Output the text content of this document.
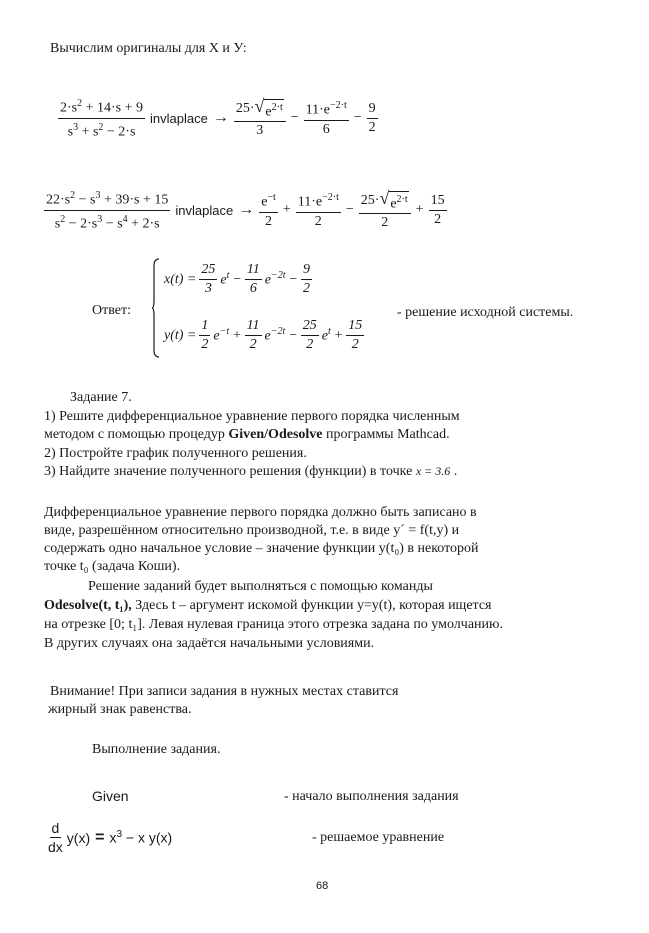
Вычислим оригиналы для X и У:
$\frac{2\cdot s^2 + 14\cdot s + 9}{s^3 + s^2 - 2\cdot s}$ invlaplace → $\frac{25\cdot √ e^{2\cdot t}}{3} - \frac{11\cdot e^{-2\cdot t}}{6} - \frac{9}{2}$
$\frac{22\cdot s^2 - s^3 + 39\cdot s + 15}{s^2 - 2\cdot s^3 - s^4 + 2\cdot s}$ invlaplace → $\frac{e^{-t}}{2} + \frac{11\cdot e^{-2\cdot t}}{2} - \frac{25\cdot √ e^{2\cdot t}}{2} + \frac{15}{2}$
Ответ:
$x(t) = \frac{25}{3} e^t - \frac{11}{6} e^{-2t} - \frac{9}{2}$
$y(t) = \frac{1}{2} e^{-t} + \frac{11}{2} e^{-2t} - \frac{25}{2} e^t + \frac{15}{2}$
- решение исходной системы.
Задание 7.
1) Решите дифференциальное уравнение первого порядка численным
методом с помощью процедур Given/Odesolve программы Mathcad.
2) Постройте график полученного решения.
3) Найдите значение полученного решения (функции) в точке x = 3.6 .
Дифференциальное уравнение первого порядка должно быть записано в
виде, разрешённом относительно производной, т.е. в виде y´ = f(t,y) и
содержать одно начальное условие – значение функции y(t₀) в некоторой
точке t₀ (задача Коши).
Решение заданий будет выполняться с помощью команды
Odesolve(t, t₁), Здесь t – аргумент искомой функции y=y(t), которая ищется
на отрезке [0; t₁]. Левая нулевая граница этого отрезка задана по умолчанию.
В других случаях она задаётся начальными условиями.
Внимание! При записи задания в нужных местах ставится
жирный знак равенства.
Выполнение задания.
Given	- начало выполнения задания
$\frac{d}{dx} y(x) = x^3 - x$ y(x)	- решаемое уравнение
68
